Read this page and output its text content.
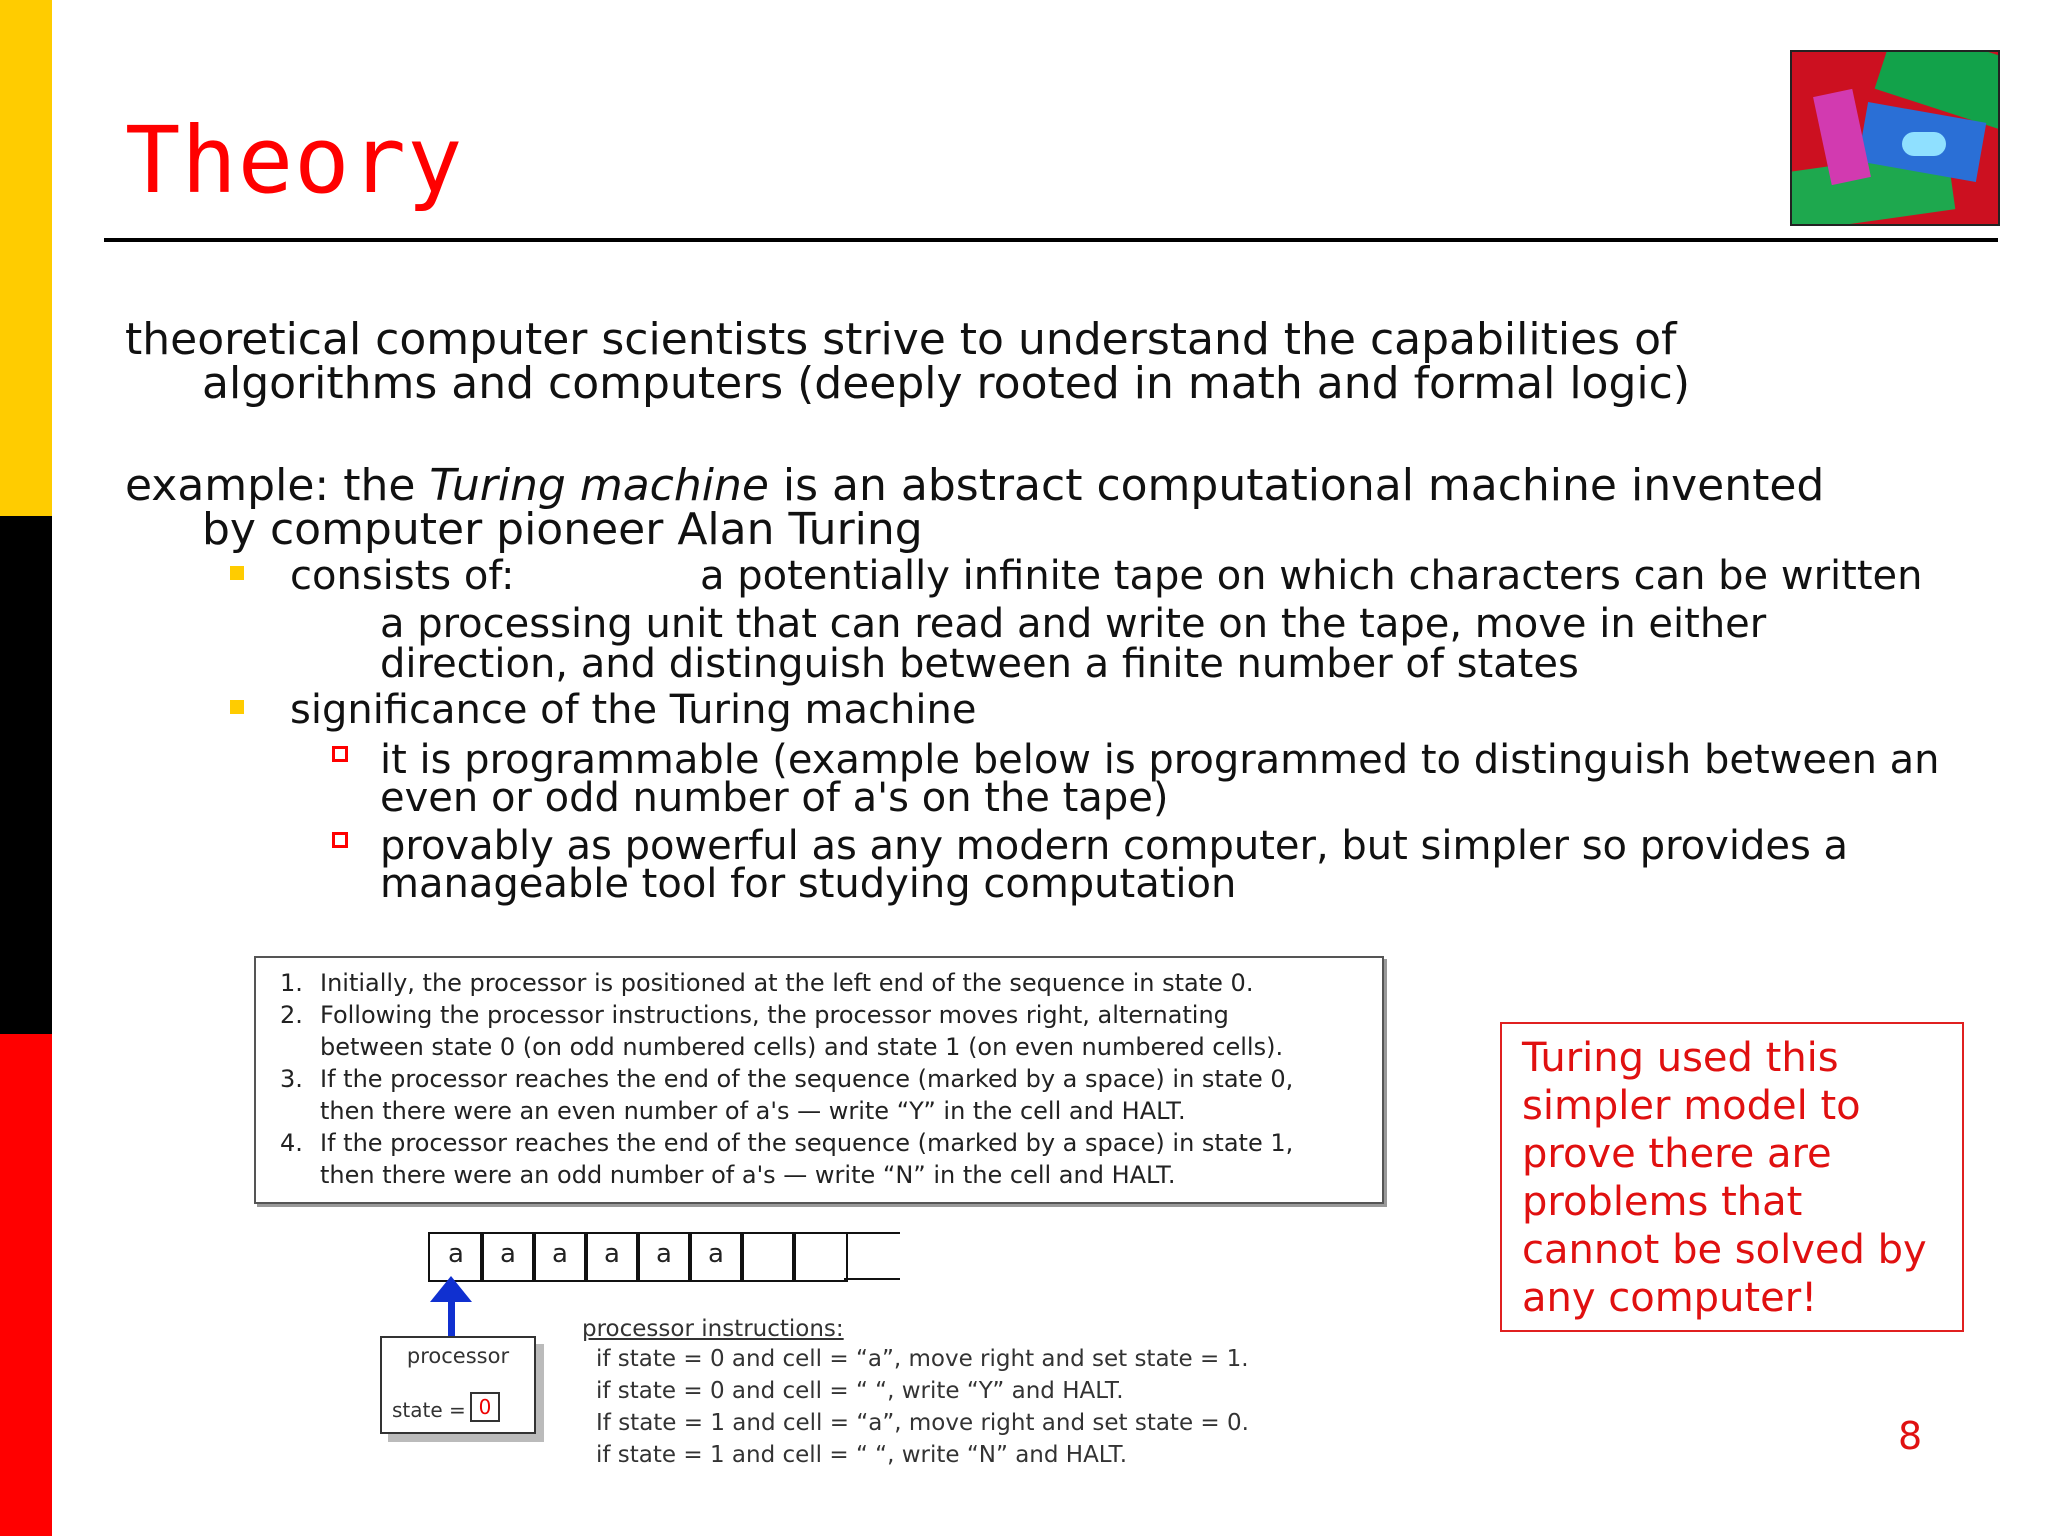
Theory
theoretical computer scientists strive to understand the capabilities of
algorithms and computers (deeply rooted in math and formal logic)
example: the Turing machine is an abstract computational machine invented
by computer pioneer Alan Turing
consists of:	a potentially infinite tape on which characters can be written
a processing unit that can read and write on the tape, move in either
direction, and distinguish between a finite number of states
significance of the Turing machine
it is programmable (example below is programmed to distinguish between an
even or odd number of a's on the tape)
provably as powerful as any modern computer, but simpler so provides a
manageable tool for studying computation
1. Initially, the processor is positioned at the left end of the sequence in state 0.
2. Following the processor instructions, the processor moves right, alternating
between state 0 (on odd numbered cells) and state 1 (on even numbered cells).
3. If the processor reaches the end of the sequence (marked by a space) in state 0,
then there were an even number of a's — write “Y” in the cell and HALT.
4. If the processor reaches the end of the sequence (marked by a space) in state 1,
then there were an odd number of a's — write “N” in the cell and HALT.
a	a	a	a	a	a
processor
state = 0
processor instructions:
if state = 0 and cell = “a”, move right and set state = 1.
if state = 0 and cell = “ “, write “Y” and HALT.
If state = 1 and cell = “a”, move right and set state = 0.
if state = 1 and cell = “ “, write “N” and HALT.
Turing used this
simpler model to
prove there are
problems that
cannot be solved by
any computer!
8
